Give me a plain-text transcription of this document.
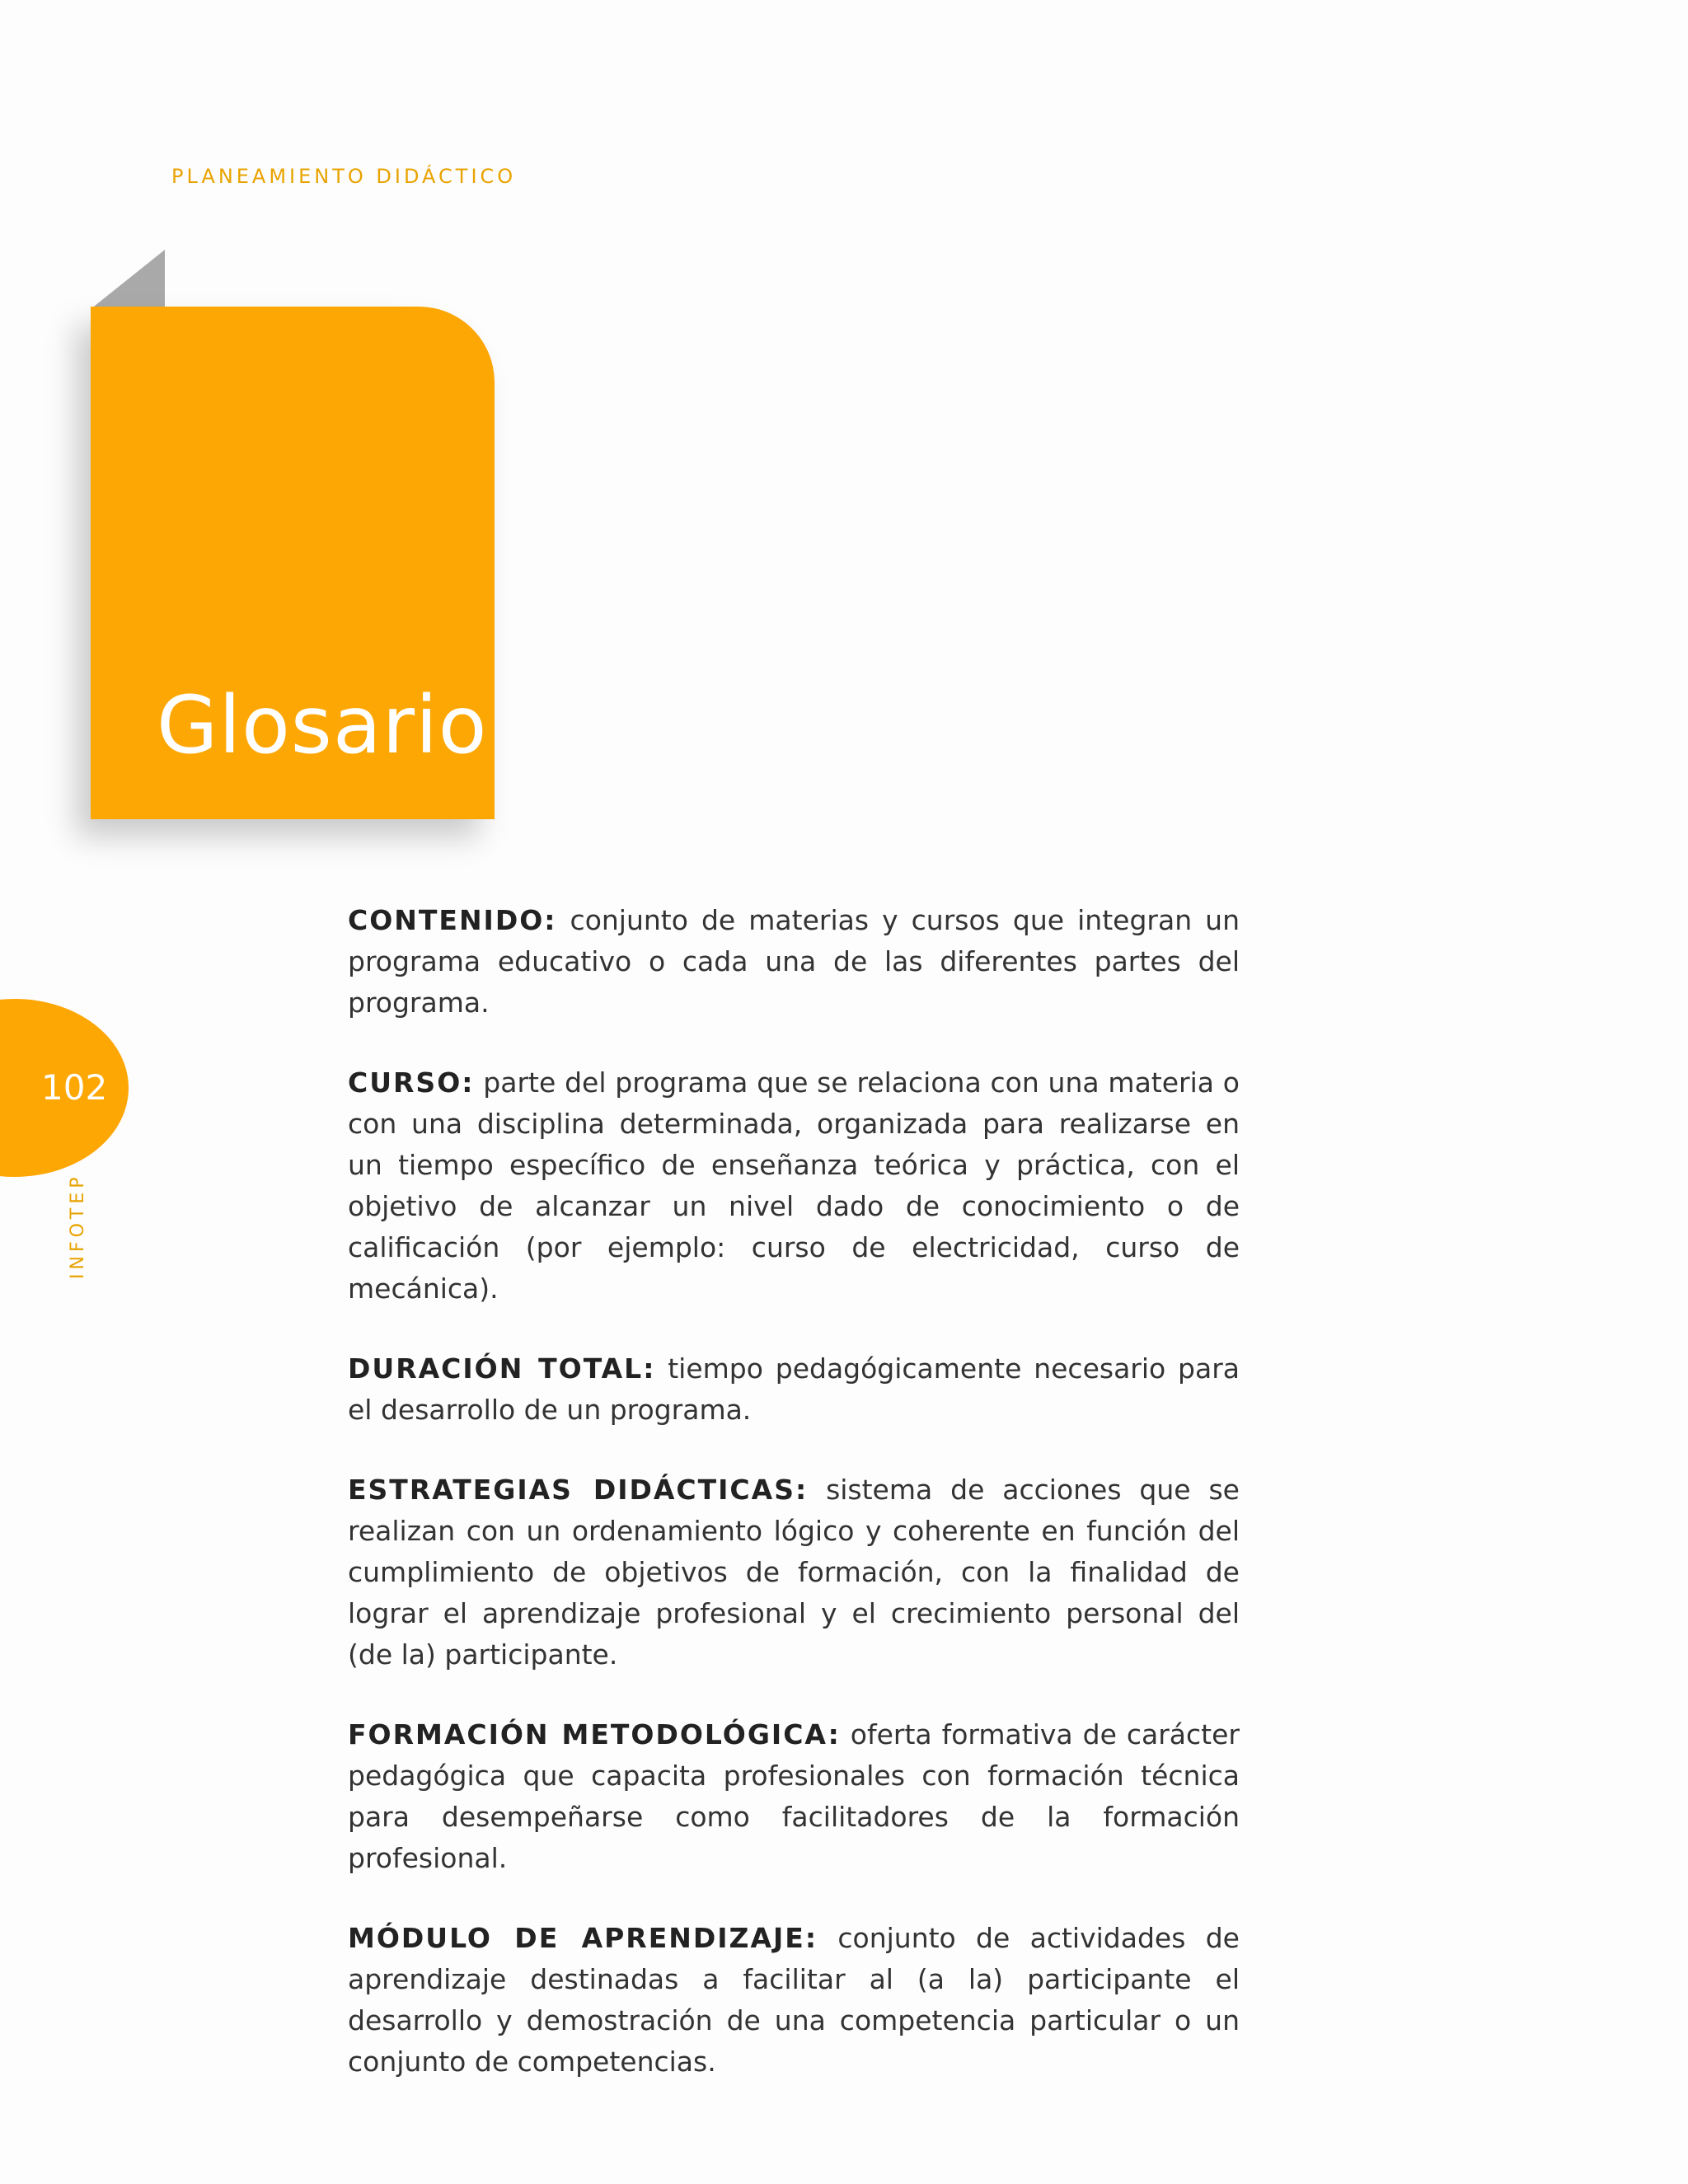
PLANEAMIENTO DIDÁCTICO
Glosario
102
INFOTEP

CONTENIDO: conjunto de materias y cursos que integran un programa educativo o cada una de las diferentes partes del programa.

CURSO: parte del programa que se relaciona con una materia o con una disciplina determinada, organizada para realizarse en un tiempo específico de enseñanza teórica y práctica, con el objetivo de alcanzar un nivel dado de conocimiento o de calificación (por ejemplo: curso de electricidad, curso de mecánica).

DURACIÓN TOTAL: tiempo pedagógicamente necesario para el desarrollo de un programa.

ESTRATEGIAS DIDÁCTICAS: sistema de acciones que se realizan con un ordenamiento lógico y coherente en función del cumplimiento de objetivos de formación, con la finalidad de lograr el aprendizaje profesional y el crecimiento personal del (de la) participante.

FORMACIÓN METODOLÓGICA: oferta formativa de carácter pedagógica que capacita profesionales con formación técnica para desempeñarse como facilitadores de la formación profesional.

MÓDULO DE APRENDIZAJE: conjunto de actividades de aprendizaje destinadas a facilitar al (a la) participante el desarrollo y demostración de una competencia particular o un conjunto de competencias.
